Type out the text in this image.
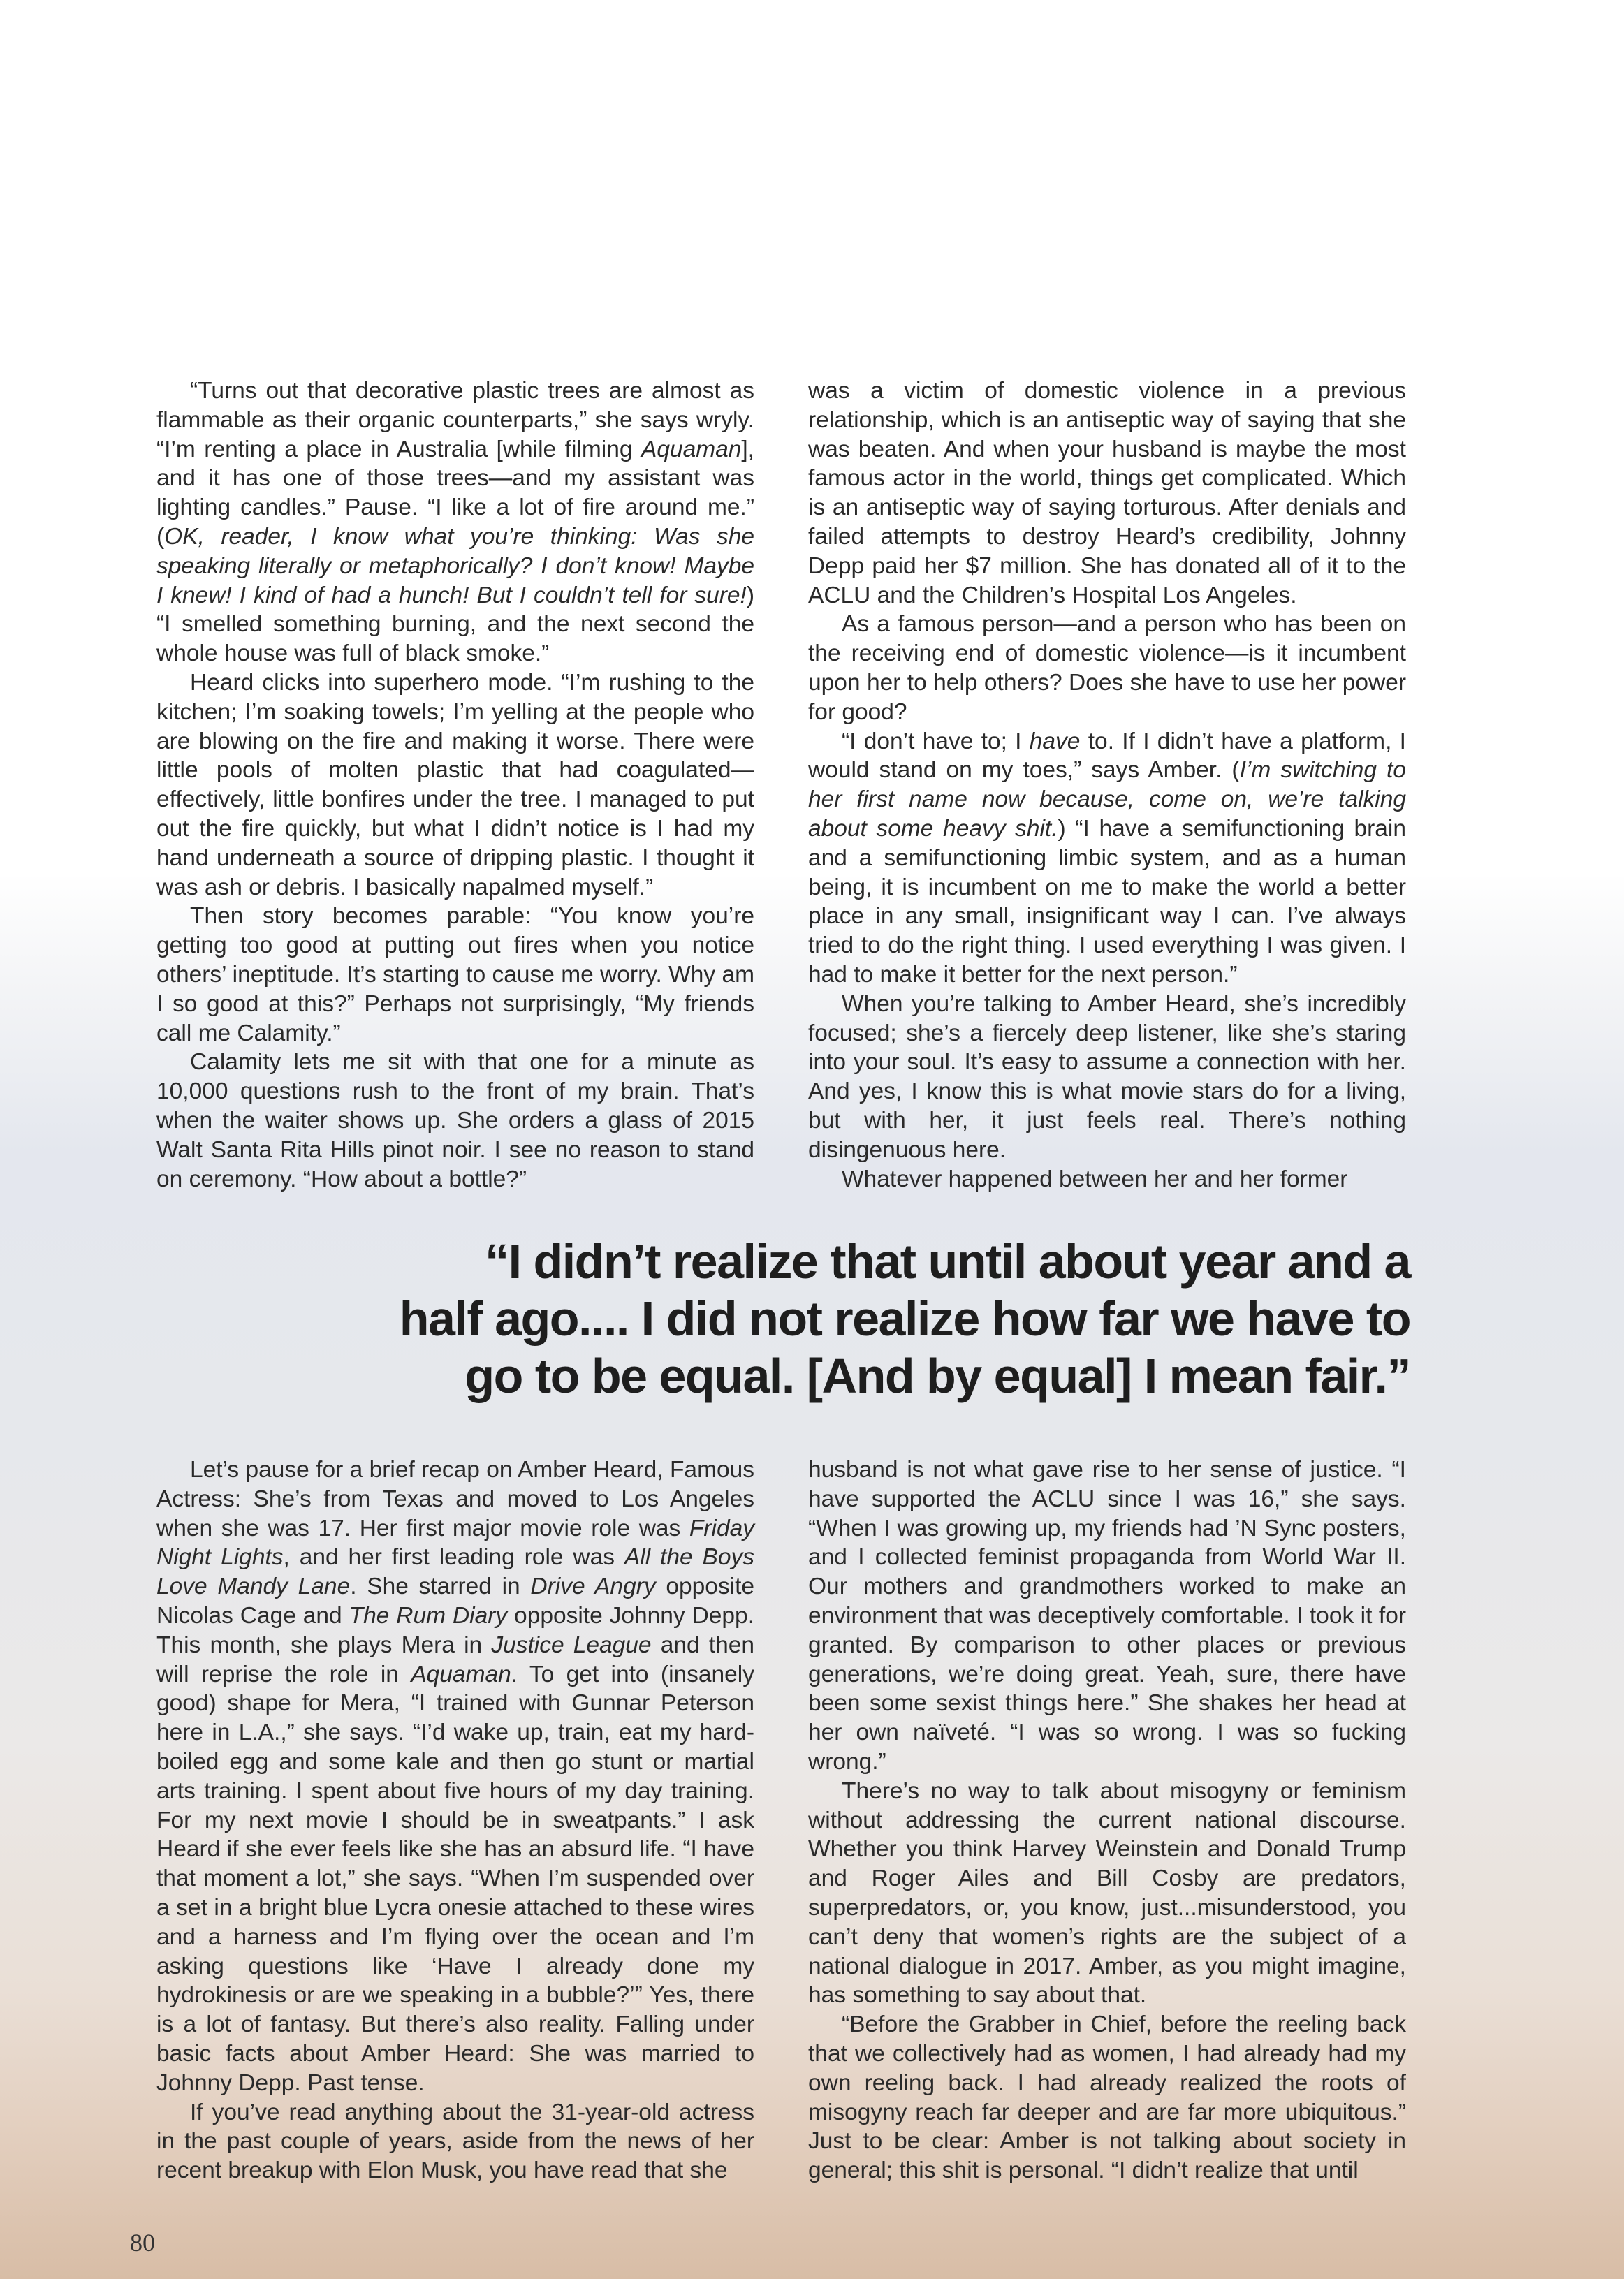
“Turns out that decorative plastic trees are almost as flammable as their organic counterparts,” she says wryly. “I’m renting a place in Australia [while filming Aquaman], and it has one of those trees—and my assistant was lighting candles.” Pause. “I like a lot of fire around me.” (OK, reader, I know what you’re thinking: Was she speaking literally or metaphorically? I don’t know! Maybe I knew! I kind of had a hunch! But I couldn’t tell for sure!) “I smelled something burning, and the next second the whole house was full of black smoke.”

Heard clicks into superhero mode. “I’m rushing to the kitchen; I’m soaking towels; I’m yelling at the people who are blowing on the fire and making it worse. There were little pools of molten plastic that had coagulated—effectively, little bonfires under the tree. I managed to put out the fire quickly, but what I didn’t notice is I had my hand underneath a source of dripping plastic. I thought it was ash or debris. I basically napalmed myself.”

Then story becomes parable: “You know you’re getting too good at putting out fires when you notice others’ ineptitude. It’s starting to cause me worry. Why am I so good at this?” Perhaps not surprisingly, “My friends call me Calamity.”

Calamity lets me sit with that one for a minute as 10,000 questions rush to the front of my brain. That’s when the waiter shows up. She orders a glass of 2015 Walt Santa Rita Hills pinot noir. I see no reason to stand on ceremony. “How about a bottle?”

was a victim of domestic violence in a previous relationship, which is an antiseptic way of saying that she was beaten. And when your husband is maybe the most famous actor in the world, things get complicated. Which is an antiseptic way of saying torturous. After denials and failed attempts to destroy Heard’s credibility, Johnny Depp paid her $7 million. She has donated all of it to the ACLU and the Children’s Hospital Los Angeles.

As a famous person—and a person who has been on the receiving end of domestic violence—is it incumbent upon her to help others? Does she have to use her power for good?

“I don’t have to; I have to. If I didn’t have a platform, I would stand on my toes,” says Amber. (I’m switching to her first name now because, come on, we’re talking about some heavy shit.) “I have a semifunctioning brain and a semifunctioning limbic system, and as a human being, it is incumbent on me to make the world a better place in any small, insignificant way I can. I’ve always tried to do the right thing. I used everything I was given. I had to make it better for the next person.”

When you’re talking to Amber Heard, she’s incredibly focused; she’s a fiercely deep listener, like she’s staring into your soul. It’s easy to assume a connection with her. And yes, I know this is what movie stars do for a living, but with her, it just feels real. There’s nothing disingenuous here.

Whatever happened between her and her former

“I didn’t realize that until about year and a
half ago.... I did not realize how far we have to
go to be equal. [And by equal] I mean fair.”

Let’s pause for a brief recap on Amber Heard, Famous Actress: She’s from Texas and moved to Los Angeles when she was 17. Her first major movie role was Friday Night Lights, and her first leading role was All the Boys Love Mandy Lane. She starred in Drive Angry opposite Nicolas Cage and The Rum Diary opposite Johnny Depp. This month, she plays Mera in Justice League and then will reprise the role in Aquaman. To get into (insanely good) shape for Mera, “I trained with Gunnar Peterson here in L.A.,” she says. “I’d wake up, train, eat my hard-boiled egg and some kale and then go stunt or martial arts training. I spent about five hours of my day training. For my next movie I should be in sweatpants.” I ask Heard if she ever feels like she has an absurd life. “I have that moment a lot,” she says. “When I’m suspended over a set in a bright blue Lycra onesie attached to these wires and a harness and I’m flying over the ocean and I’m asking questions like ‘Have I already done my hydrokinesis or are we speaking in a bubble?’” Yes, there is a lot of fantasy. But there’s also reality. Falling under basic facts about Amber Heard: She was married to Johnny Depp. Past tense.

If you’ve read anything about the 31-year-old actress in the past couple of years, aside from the news of her recent breakup with Elon Musk, you have read that she

husband is not what gave rise to her sense of justice. “I have supported the ACLU since I was 16,” she says. “When I was growing up, my friends had ’N Sync posters, and I collected feminist propaganda from World War II. Our mothers and grandmothers worked to make an environment that was deceptively comfortable. I took it for granted. By comparison to other places or previous generations, we’re doing great. Yeah, sure, there have been some sexist things here.” She shakes her head at her own naïveté. “I was so wrong. I was so fucking wrong.”

There’s no way to talk about misogyny or feminism without addressing the current national discourse. Whether you think Harvey Weinstein and Donald Trump and Roger Ailes and Bill Cosby are predators, superpredators, or, you know, just...misunderstood, you can’t deny that women’s rights are the subject of a national dialogue in 2017. Amber, as you might imagine, has something to say about that.

“Before the Grabber in Chief, before the reeling back that we collectively had as women, I had already had my own reeling back. I had already realized the roots of misogyny reach far deeper and are far more ubiquitous.” Just to be clear: Amber is not talking about society in general; this shit is personal. “I didn’t realize that until

80
